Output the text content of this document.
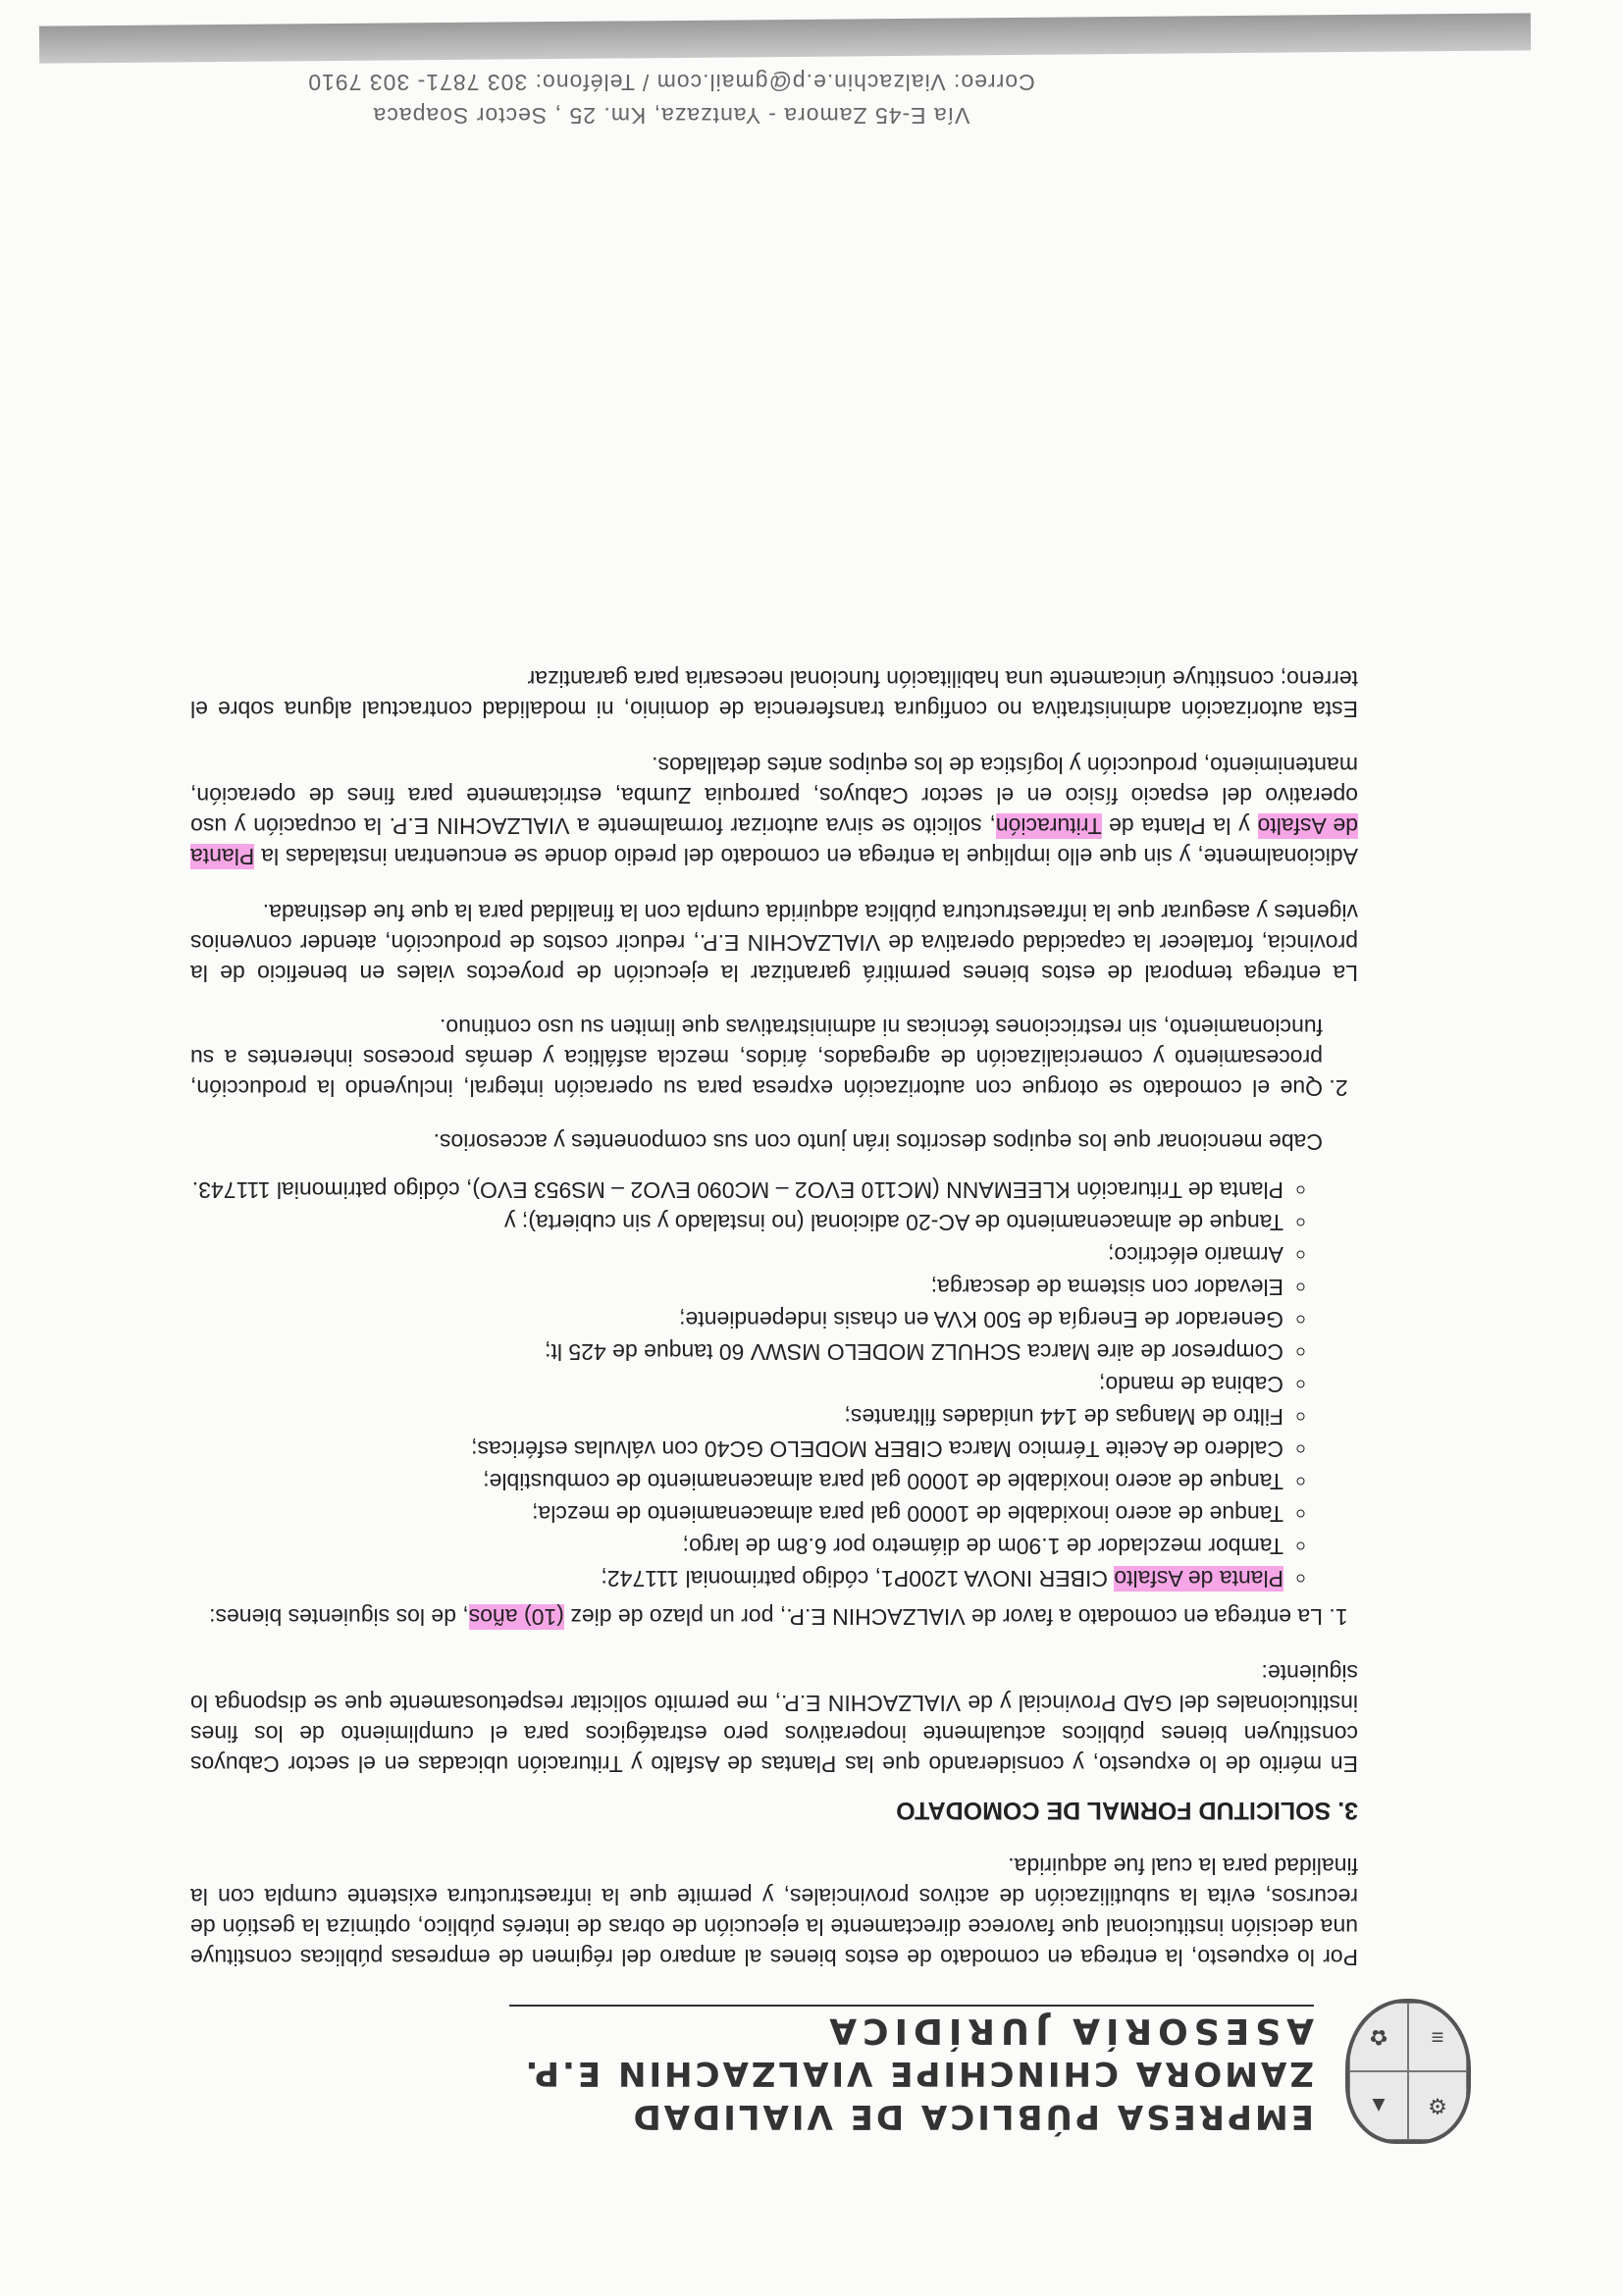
⚙
▲
≡
✿
EMPRESA PÚBLICA DE VIALIDAD
ZAMORA CHINCHIPE VIALZACHIN E.P.
ASESORÍA JURÍDICA

Por lo expuesto, la entrega en comodato de estos bienes al amparo del régimen de empresas públicas constituye una decisión institucional que favorece directamente la ejecución de obras de interés público, optimiza la gestión de recursos, evita la subutilización de activos provinciales, y permite que la infraestructura existente cumpla con la finalidad para la cual fue adquirida.

3. SOLICITUD FORMAL DE COMODATO

En mérito de lo expuesto, y considerando que las Plantas de Asfalto y Trituración ubicadas en el sector Cabuyos constituyen bienes públicos actualmente inoperativos pero estratégicos para el cumplimiento de los fines institucionales del GAD Provincial y de VIALZACHIN E.P., me permito solicitar respetuosamente que se disponga lo siguiente:

1. La entrega en comodato a favor de VIALZACHIN E.P., por un plazo de diez (10) años, de los siguientes bienes:
◦ Planta de Asfalto CIBER INOVA 1200P1, código patrimonial 111742;
◦ Tambor mezclador de 1.90m de diámetro por 6.8m de largo;
◦ Tanque de acero inoxidable de 10000 gal para almacenamiento de mezcla;
◦ Tanque de acero inoxidable de 10000 gal para almacenamiento de combustible;
◦ Caldero de Aceite Térmico Marca CIBER MODELO GC40 con válvulas esféricas;
◦ Filtro de Mangas de 144 unidades filtrantes;
◦ Cabina de mando;
◦ Compresor de aire Marca SCHULZ MODELO MSWV 60 tanque de 425 lt;
◦ Generador de Energía de 500 KVA en chasis independiente;
◦ Elevador con sistema de descarga;
◦ Armario eléctrico;
◦ Tanque de almacenamiento de AC-20 adicional (no instalado y sin cubierta); y
◦ Planta de Trituración KLEEMANN (MC110 EVO2 – MC090 EVO2 – MS953 EVO), código patrimonial 111743.
Cabe mencionar que los equipos descritos irán junto con sus componentes y accesorios.
2. Que el comodato se otorgue con autorización expresa para su operación integral, incluyendo la producción, procesamiento y comercialización de agregados, áridos, mezcla asfáltica y demás procesos inherentes a su funcionamiento, sin restricciones técnicas ni administrativas que limiten su uso continuo.

La entrega temporal de estos bienes permitirá garantizar la ejecución de proyectos viales en beneficio de la provincia, fortalecer la capacidad operativa de VIALZACHIN E.P., reducir costos de producción, atender convenios vigentes y asegurar que la infraestructura pública adquirida cumpla con la finalidad para la que fue destinada.

Adicionalmente, y sin que ello implique la entrega en comodato del predio donde se encuentran instaladas la Planta de Asfalto y la Planta de Trituración, solicito se sirva autorizar formalmente a VIALZACHIN E.P. la ocupación y uso operativo del espacio físico en el sector Cabuyos, parroquia Zumba, estrictamente para fines de operación, mantenimiento, producción y logística de los equipos antes detallados.

Esta autorización administrativa no configura transferencia de dominio, ni modalidad contractual alguna sobre el terreno; constituye únicamente una habilitación funcional necesaria para garantizar

Vía E-45 Zamora - Yantzaza, Km. 25 , Sector Soapaca
Correo: Vialzachin.e.p@gmail.com / Teléfono: 303 7871- 303 7910
